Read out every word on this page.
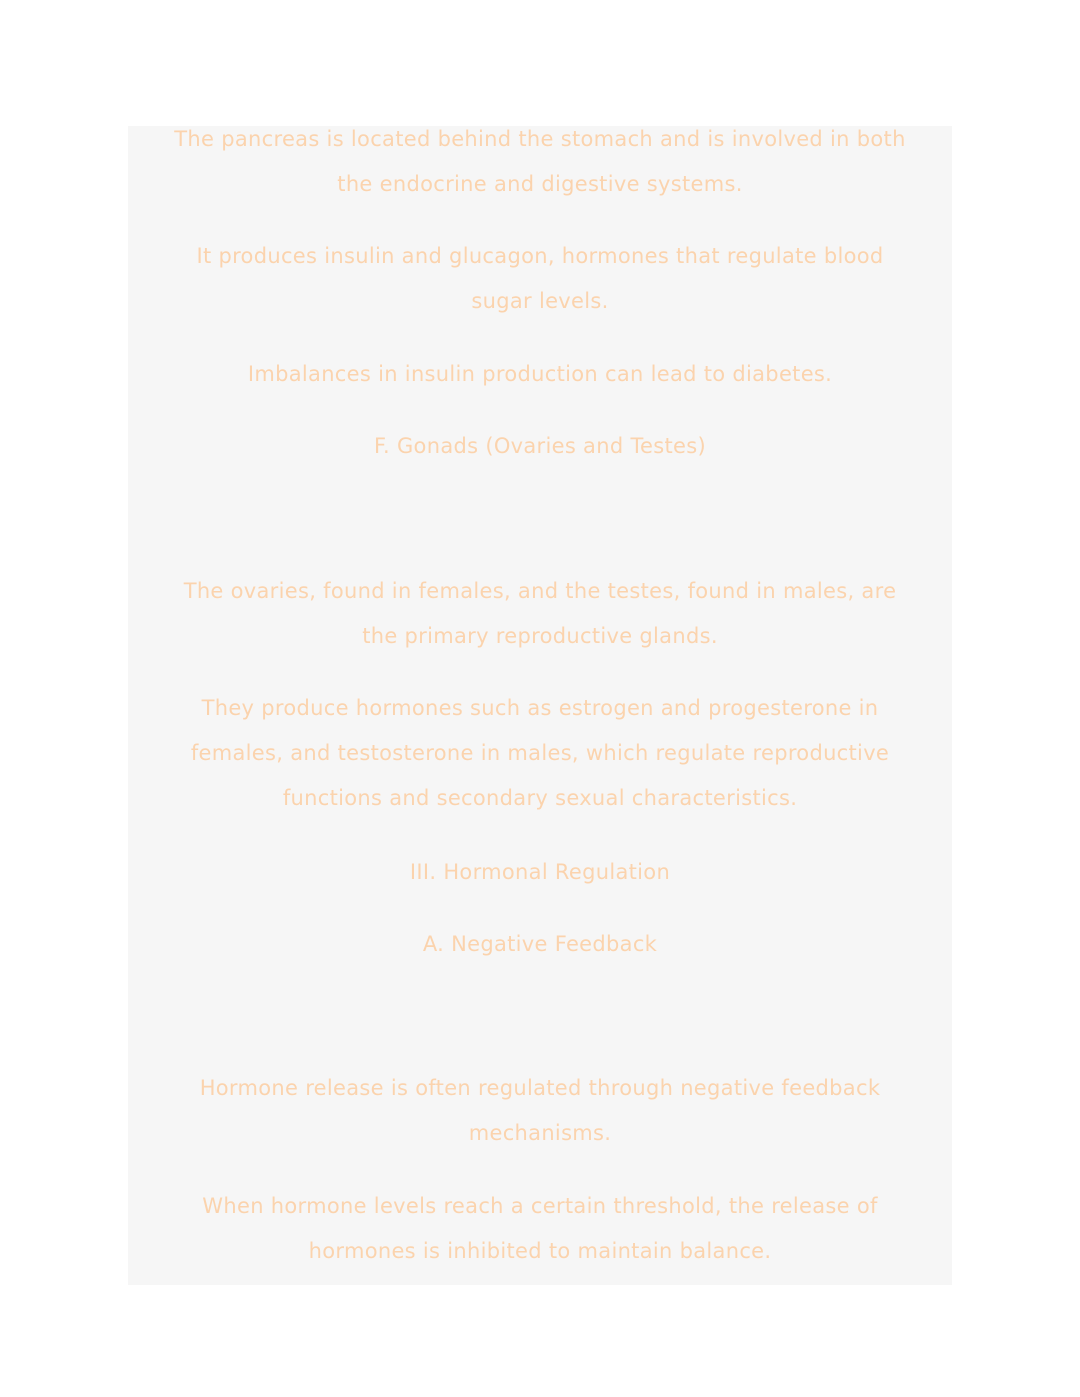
The pancreas is located behind the stomach and is involved in both
the endocrine and digestive systems.

It produces insulin and glucagon, hormones that regulate blood
sugar levels.

Imbalances in insulin production can lead to diabetes.

F. Gonads (Ovaries and Testes)

The ovaries, found in females, and the testes, found in males, are
the primary reproductive glands.

They produce hormones such as estrogen and progesterone in
females, and testosterone in males, which regulate reproductive
functions and secondary sexual characteristics.

III. Hormonal Regulation

A. Negative Feedback

Hormone release is often regulated through negative feedback
mechanisms.

When hormone levels reach a certain threshold, the release of
hormones is inhibited to maintain balance.
